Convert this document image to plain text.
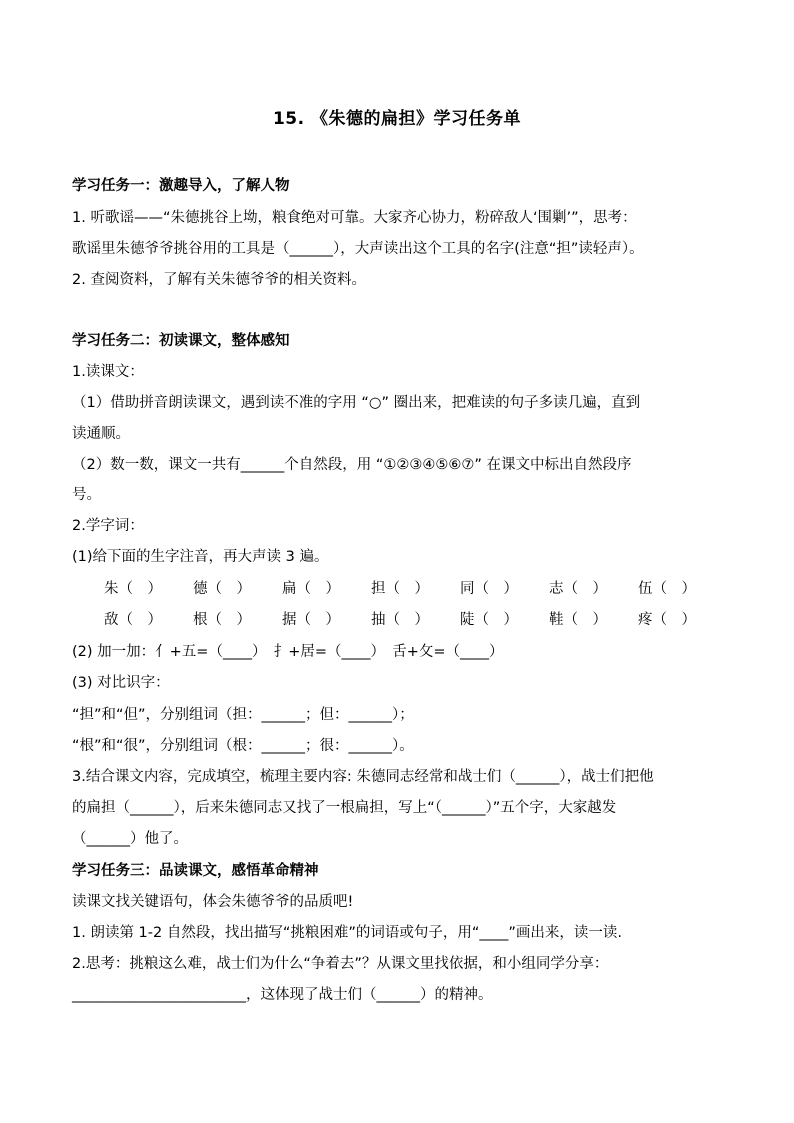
15. 《朱德的扁担》学习任务单
学习任务一：激趣导入，了解人物
1. 听歌谣——“朱德挑谷上坳，粮食绝对可靠。大家齐心协力，粉碎敌人‘围剿’”，思考：
歌谣里朱德爷爷挑谷用的工具是（______），大声读出这个工具的名字(注意“担”读轻声）。
2. 查阅资料，了解有关朱德爷爷的相关资料。
学习任务二：初读课文，整体感知
1.读课文：
（1）借助拼音朗读课文，遇到读不准的字用 “○” 圈出来，把难读的句子多读几遍，直到
读通顺。
（2）数一数，课文一共有______个自然段，用 “①②③④⑤⑥⑦” 在课文中标出自然段序
号。
2.学字词：
(1)给下面的生字注音，再大声读 3 遍。
朱（　） 德（　） 扁（　） 担（　） 同（　） 志（　） 伍（　）
敌（　） 根（　） 据（　） 抽（　） 陡（　） 鞋（　） 疼（　）
(2) 加一加：亻+五=（____）　扌+居=（____）　舌+攵=（____）
(3) 对比识字：
“担”和“但”，分别组词（担：______；但：______）；
“根”和“很”，分别组词（根：______；很：______）。
3.结合课文内容，完成填空，梳理主要内容: 朱德同志经常和战士们（______），战士们把他
的扁担（______），后来朱德同志又找了一根扁担，写上“（______）”五个字，大家越发
（______）他了。
学习任务三：品读课文，感悟革命精神
读课文找关键语句，体会朱德爷爷的品质吧!
1. 朗读第 1-2 自然段，找出描写“挑粮困难”的词语或句子，用“____”画出来，读一读.
2.思考：挑粮这么难，战士们为什么“争着去”？从课文里找依据，和小组同学分享：
________________________，这体现了战士们（______）的精神。
